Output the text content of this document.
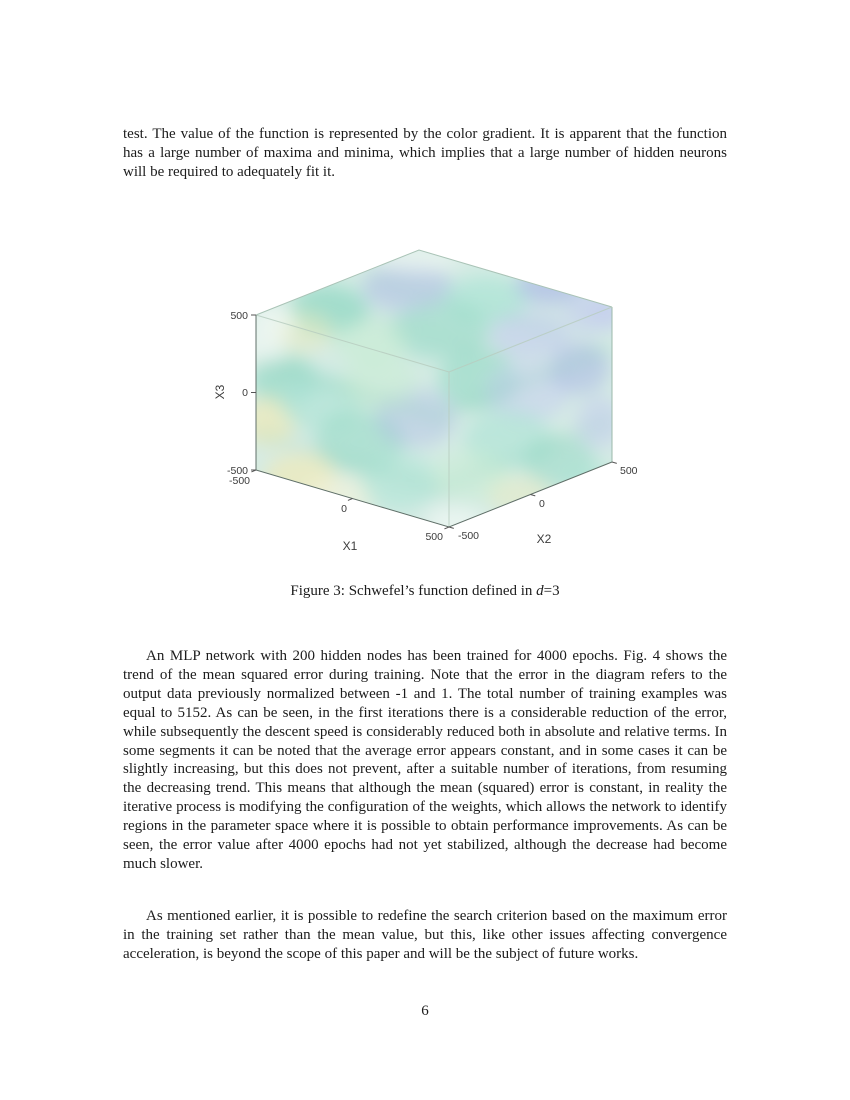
test. The value of the function is represented by the color gradient. It is apparent that the function has a large number of maxima and minima, which implies that a large number of hidden neurons will be required to adequately fit it.

500
0
-500
-500
0
500 -500
0
500
X1	X2
X3
Figure 3: Schwefel’s function defined in d=3

An MLP network with 200 hidden nodes has been trained for 4000 epochs. Fig. 4 shows the trend of the mean squared error during training. Note that the error in the diagram refers to the output data previously normalized between -1 and 1. The total number of training examples was equal to 5152. As can be seen, in the first iterations there is a considerable reduction of the error, while subsequently the descent speed is considerably reduced both in absolute and relative terms. In some segments it can be noted that the average error appears constant, and in some cases it can be slightly increasing, but this does not prevent, after a suitable number of iterations, from resuming the decreasing trend. This means that although the mean (squared) error is constant, in reality the iterative process is modifying the configuration of the weights, which allows the network to identify regions in the parameter space where it is possible to obtain performance improvements. As can be seen, the error value after 4000 epochs had not yet stabilized, although the decrease had become much slower.

As mentioned earlier, it is possible to redefine the search criterion based on the maximum error in the training set rather than the mean value, but this, like other issues affecting convergence acceleration, is beyond the scope of this paper and will be the subject of future works.

6
